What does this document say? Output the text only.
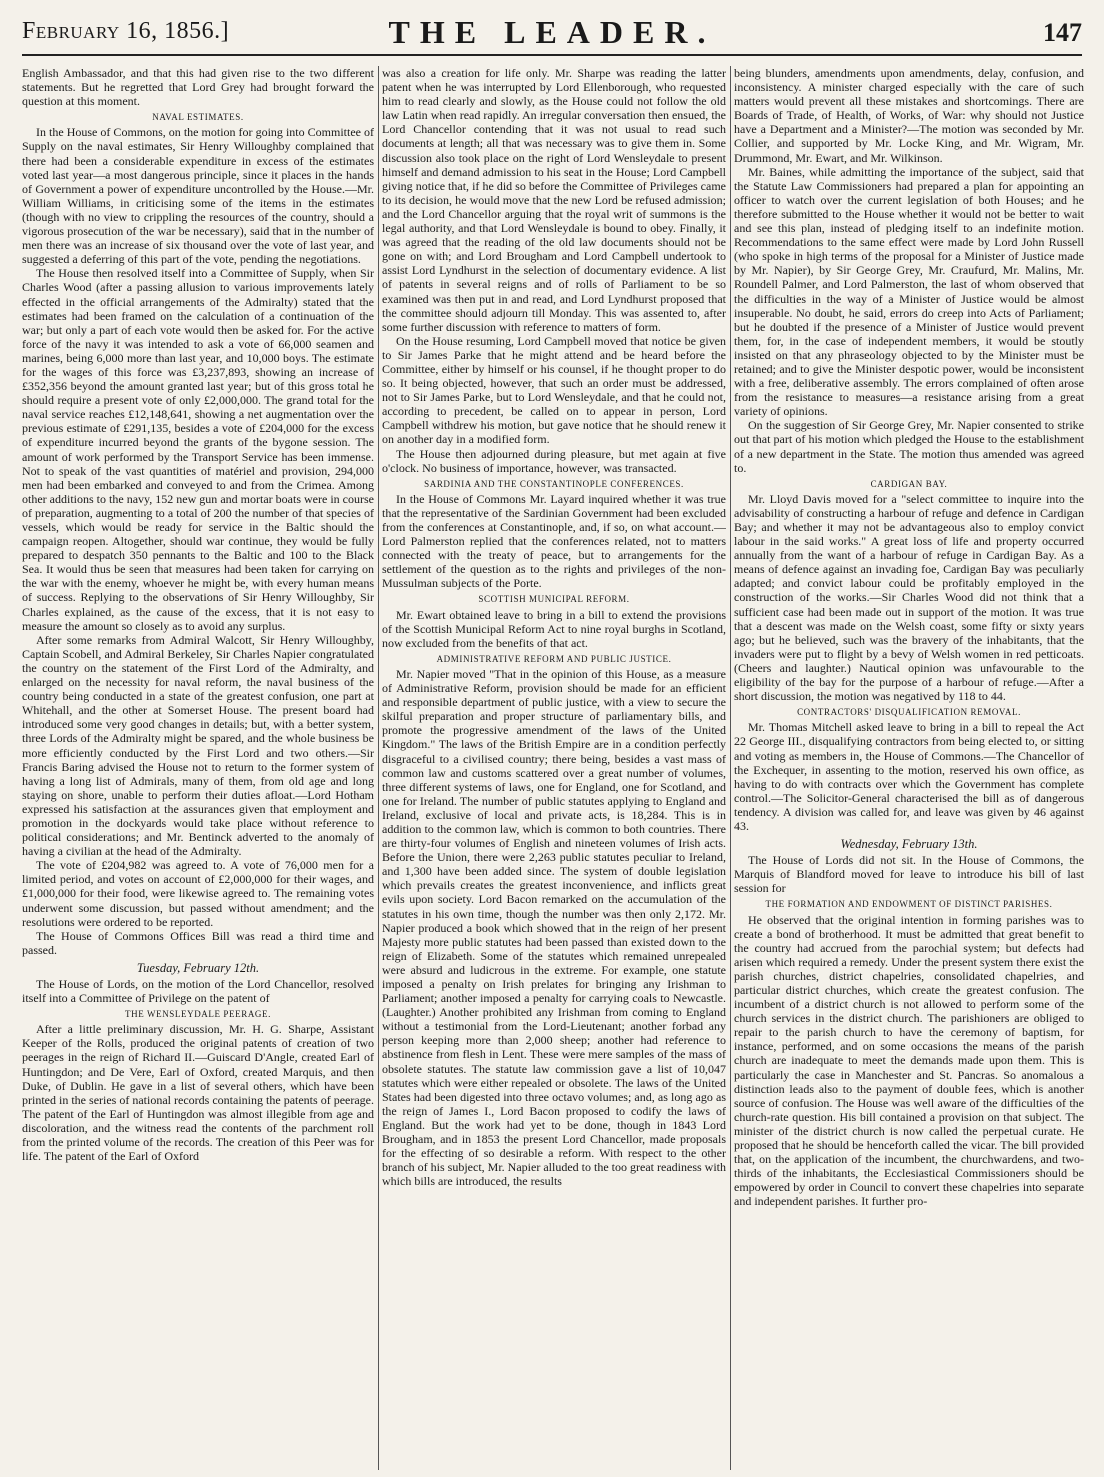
February 16, 1856.]	THE LEADER.	147

English Ambassador, and that this had given rise to the two different statements. But he regretted that Lord Grey had brought forward the question at this moment.

NAVAL ESTIMATES.

In the House of Commons, on the motion for going into Committee of Supply on the naval estimates, Sir Henry Willoughby complained that there had been a considerable expenditure in excess of the estimates voted last year—a most dangerous principle, since it places in the hands of Government a power of expenditure uncontrolled by the House.—Mr. William Williams, in criticising some of the items in the estimates (though with no view to crippling the resources of the country, should a vigorous prosecution of the war be necessary), said that in the number of men there was an increase of six thousand over the vote of last year, and suggested a deferring of this part of the vote, pending the negotiations.

The House then resolved itself into a Committee of Supply, when Sir Charles Wood (after a passing allusion to various improvements lately effected in the official arrangements of the Admiralty) stated that the estimates had been framed on the calculation of a continuation of the war; but only a part of each vote would then be asked for. For the active force of the navy it was intended to ask a vote of 66,000 seamen and marines, being 6,000 more than last year, and 10,000 boys. The estimate for the wages of this force was £3,237,893, showing an increase of £352,356 beyond the amount granted last year; but of this gross total he should require a present vote of only £2,000,000. The grand total for the naval service reaches £12,148,641, showing a net augmentation over the previous estimate of £291,135, besides a vote of £204,000 for the excess of expenditure incurred beyond the grants of the bygone session. The amount of work performed by the Transport Service has been immense. Not to speak of the vast quantities of matériel and provision, 294,000 men had been embarked and conveyed to and from the Crimea. Among other additions to the navy, 152 new gun and mortar boats were in course of preparation, augmenting to a total of 200 the number of that species of vessels, which would be ready for service in the Baltic should the campaign reopen. Altogether, should war continue, they would be fully prepared to despatch 350 pennants to the Baltic and 100 to the Black Sea. It would thus be seen that measures had been taken for carrying on the war with the enemy, whoever he might be, with every human means of success. Replying to the observations of Sir Henry Willoughby, Sir Charles explained, as the cause of the excess, that it is not easy to measure the amount so closely as to avoid any surplus.

After some remarks from Admiral Walcott, Sir Henry Willoughby, Captain Scobell, and Admiral Berkeley, Sir Charles Napier congratulated the country on the statement of the First Lord of the Admiralty, and enlarged on the necessity for naval reform, the naval business of the country being conducted in a state of the greatest confusion, one part at Whitehall, and the other at Somerset House. The present board had introduced some very good changes in details; but, with a better system, three Lords of the Admiralty might be spared, and the whole business be more efficiently conducted by the First Lord and two others.—Sir Francis Baring advised the House not to return to the former system of having a long list of Admirals, many of them, from old age and long staying on shore, unable to perform their duties afloat.—Lord Hotham expressed his satisfaction at the assurances given that employment and promotion in the dockyards would take place without reference to political considerations; and Mr. Bentinck adverted to the anomaly of having a civilian at the head of the Admiralty.

The vote of £204,982 was agreed to. A vote of 76,000 men for a limited period, and votes on account of £2,000,000 for their wages, and £1,000,000 for their food, were likewise agreed to. The remaining votes underwent some discussion, but passed without amendment; and the resolutions were ordered to be reported.

The House of Commons Offices Bill was read a third time and passed.

Tuesday, February 12th.

The House of Lords, on the motion of the Lord Chancellor, resolved itself into a Committee of Privilege on the patent of

THE WENSLEYDALE PEERAGE.

After a little preliminary discussion, Mr. H. G. Sharpe, Assistant Keeper of the Rolls, produced the original patents of creation of two peerages in the reign of Richard II.—Guiscard D'Angle, created Earl of Huntingdon; and De Vere, Earl of Oxford, created Marquis, and then Duke, of Dublin. He gave in a list of several others, which have been printed in the series of national records containing the patents of peerage. The patent of the Earl of Huntingdon was almost illegible from age and discoloration, and the witness read the contents of the parchment roll from the printed volume of the records. The creation of this Peer was for life. The patent of the Earl of Oxford

was also a creation for life only. Mr. Sharpe was reading the latter patent when he was interrupted by Lord Ellenborough, who requested him to read clearly and slowly, as the House could not follow the old law Latin when read rapidly. An irregular conversation then ensued, the Lord Chancellor contending that it was not usual to read such documents at length; all that was necessary was to give them in. Some discussion also took place on the right of Lord Wensleydale to present himself and demand admission to his seat in the House; Lord Campbell giving notice that, if he did so before the Committee of Privileges came to its decision, he would move that the new Lord be refused admission; and the Lord Chancellor arguing that the royal writ of summons is the legal authority, and that Lord Wensleydale is bound to obey. Finally, it was agreed that the reading of the old law documents should not be gone on with; and Lord Brougham and Lord Campbell undertook to assist Lord Lyndhurst in the selection of documentary evidence. A list of patents in several reigns and of rolls of Parliament to be so examined was then put in and read, and Lord Lyndhurst proposed that the committee should adjourn till Monday. This was assented to, after some further discussion with reference to matters of form.

On the House resuming, Lord Campbell moved that notice be given to Sir James Parke that he might attend and be heard before the Committee, either by himself or his counsel, if he thought proper to do so. It being objected, however, that such an order must be addressed, not to Sir James Parke, but to Lord Wensleydale, and that he could not, according to precedent, be called on to appear in person, Lord Campbell withdrew his motion, but gave notice that he should renew it on another day in a modified form.

The House then adjourned during pleasure, but met again at five o'clock. No business of importance, however, was transacted.

SARDINIA AND THE CONSTANTINOPLE CONFERENCES.

In the House of Commons Mr. Layard inquired whether it was true that the representative of the Sardinian Government had been excluded from the conferences at Constantinople, and, if so, on what account.—Lord Palmerston replied that the conferences related, not to matters connected with the treaty of peace, but to arrangements for the settlement of the question as to the rights and privileges of the non-Mussulman subjects of the Porte.

SCOTTISH MUNICIPAL REFORM.

Mr. Ewart obtained leave to bring in a bill to extend the provisions of the Scottish Municipal Reform Act to nine royal burghs in Scotland, now excluded from the benefits of that act.

ADMINISTRATIVE REFORM AND PUBLIC JUSTICE.

Mr. Napier moved "That in the opinion of this House, as a measure of Administrative Reform, provision should be made for an efficient and responsible department of public justice, with a view to secure the skilful preparation and proper structure of parliamentary bills, and promote the progressive amendment of the laws of the United Kingdom." The laws of the British Empire are in a condition perfectly disgraceful to a civilised country; there being, besides a vast mass of common law and customs scattered over a great number of volumes, three different systems of laws, one for England, one for Scotland, and one for Ireland. The number of public statutes applying to England and Ireland, exclusive of local and private acts, is 18,284. This is in addition to the common law, which is common to both countries. There are thirty-four volumes of English and nineteen volumes of Irish acts. Before the Union, there were 2,263 public statutes peculiar to Ireland, and 1,300 have been added since. The system of double legislation which prevails creates the greatest inconvenience, and inflicts great evils upon society. Lord Bacon remarked on the accumulation of the statutes in his own time, though the number was then only 2,172. Mr. Napier produced a book which showed that in the reign of her present Majesty more public statutes had been passed than existed down to the reign of Elizabeth. Some of the statutes which remained unrepealed were absurd and ludicrous in the extreme. For example, one statute imposed a penalty on Irish prelates for bringing any Irishman to Parliament; another imposed a penalty for carrying coals to Newcastle. (Laughter.) Another prohibited any Irishman from coming to England without a testimonial from the Lord-Lieutenant; another forbad any person keeping more than 2,000 sheep; another had reference to abstinence from flesh in Lent. These were mere samples of the mass of obsolete statutes. The statute law commission gave a list of 10,047 statutes which were either repealed or obsolete. The laws of the United States had been digested into three octavo volumes; and, as long ago as the reign of James I., Lord Bacon proposed to codify the laws of England. But the work had yet to be done, though in 1843 Lord Brougham, and in 1853 the present Lord Chancellor, made proposals for the effecting of so desirable a reform. With respect to the other branch of his subject, Mr. Napier alluded to the too great readiness with which bills are introduced, the results

being blunders, amendments upon amendments, delay, confusion, and inconsistency. A minister charged especially with the care of such matters would prevent all these mistakes and shortcomings. There are Boards of Trade, of Health, of Works, of War: why should not Justice have a Department and a Minister?—The motion was seconded by Mr. Collier, and supported by Mr. Locke King, and Mr. Wigram, Mr. Drummond, Mr. Ewart, and Mr. Wilkinson.

Mr. Baines, while admitting the importance of the subject, said that the Statute Law Commissioners had prepared a plan for appointing an officer to watch over the current legislation of both Houses; and he therefore submitted to the House whether it would not be better to wait and see this plan, instead of pledging itself to an indefinite motion. Recommendations to the same effect were made by Lord John Russell (who spoke in high terms of the proposal for a Minister of Justice made by Mr. Napier), by Sir George Grey, Mr. Craufurd, Mr. Malins, Mr. Roundell Palmer, and Lord Palmerston, the last of whom observed that the difficulties in the way of a Minister of Justice would be almost insuperable. No doubt, he said, errors do creep into Acts of Parliament; but he doubted if the presence of a Minister of Justice would prevent them, for, in the case of independent members, it would be stoutly insisted on that any phraseology objected to by the Minister must be retained; and to give the Minister despotic power, would be inconsistent with a free, deliberative assembly. The errors complained of often arose from the resistance to measures—a resistance arising from a great variety of opinions.

On the suggestion of Sir George Grey, Mr. Napier consented to strike out that part of his motion which pledged the House to the establishment of a new department in the State. The motion thus amended was agreed to.

CARDIGAN BAY.

Mr. Lloyd Davis moved for a "select committee to inquire into the advisability of constructing a harbour of refuge and defence in Cardigan Bay; and whether it may not be advantageous also to employ convict labour in the said works." A great loss of life and property occurred annually from the want of a harbour of refuge in Cardigan Bay. As a means of defence against an invading foe, Cardigan Bay was peculiarly adapted; and convict labour could be profitably employed in the construction of the works.—Sir Charles Wood did not think that a sufficient case had been made out in support of the motion. It was true that a descent was made on the Welsh coast, some fifty or sixty years ago; but he believed, such was the bravery of the inhabitants, that the invaders were put to flight by a bevy of Welsh women in red petticoats. (Cheers and laughter.) Nautical opinion was unfavourable to the eligibility of the bay for the purpose of a harbour of refuge.—After a short discussion, the motion was negatived by 118 to 44.

CONTRACTORS' DISQUALIFICATION REMOVAL.

Mr. Thomas Mitchell asked leave to bring in a bill to repeal the Act 22 George III., disqualifying contractors from being elected to, or sitting and voting as members in, the House of Commons.—The Chancellor of the Exchequer, in assenting to the motion, reserved his own office, as having to do with contracts over which the Government has complete control.—The Solicitor-General characterised the bill as of dangerous tendency. A division was called for, and leave was given by 46 against 43.

Wednesday, February 13th.

The House of Lords did not sit. In the House of Commons, the Marquis of Blandford moved for leave to introduce his bill of last session for

THE FORMATION AND ENDOWMENT OF DISTINCT PARISHES.

He observed that the original intention in forming parishes was to create a bond of brotherhood. It must be admitted that great benefit to the country had accrued from the parochial system; but defects had arisen which required a remedy. Under the present system there exist the parish churches, district chapelries, consolidated chapelries, and particular district churches, which create the greatest confusion. The incumbent of a district church is not allowed to perform some of the church services in the district church. The parishioners are obliged to repair to the parish church to have the ceremony of baptism, for instance, performed, and on some occasions the means of the parish church are inadequate to meet the demands made upon them. This is particularly the case in Manchester and St. Pancras. So anomalous a distinction leads also to the payment of double fees, which is another source of confusion. The House was well aware of the difficulties of the church-rate question. His bill contained a provision on that subject. The minister of the district church is now called the perpetual curate. He proposed that he should be henceforth called the vicar. The bill provided that, on the application of the incumbent, the churchwardens, and two-thirds of the inhabitants, the Ecclesiastical Commissioners should be empowered by order in Council to convert these chapelries into separate and independent parishes. It further pro-
